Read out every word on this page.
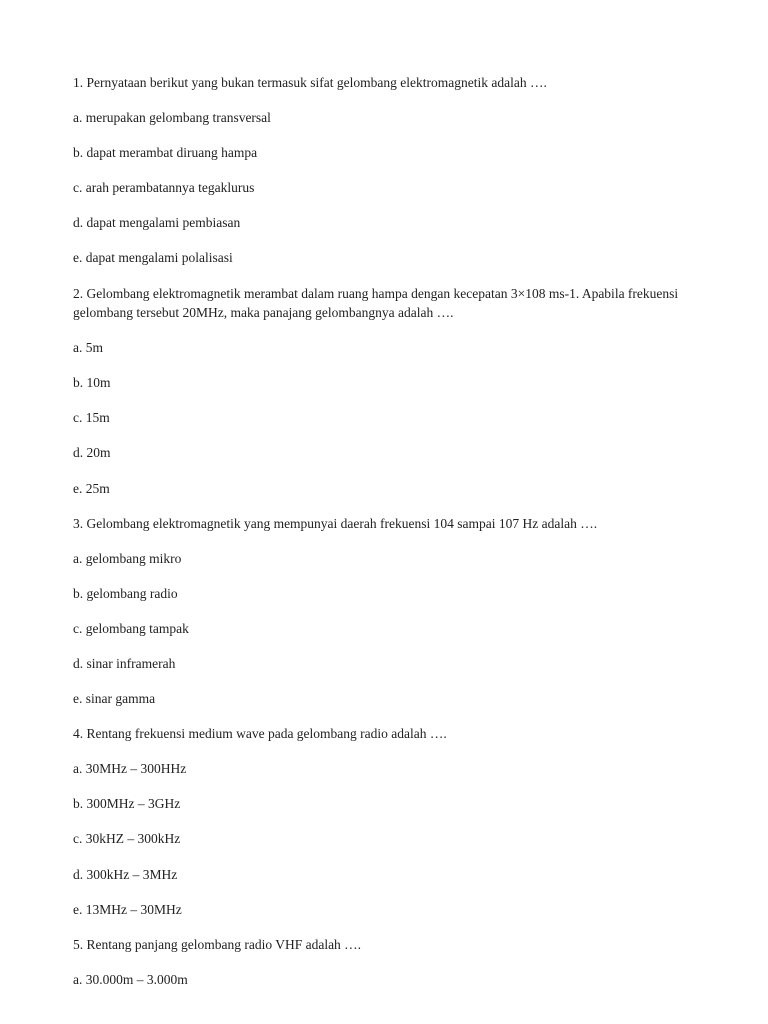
1. Pernyataan berikut yang bukan termasuk sifat gelombang elektromagnetik adalah ….

a. merupakan gelombang transversal

b. dapat merambat diruang hampa

c. arah perambatannya tegaklurus

d. dapat mengalami pembiasan

e. dapat mengalami polalisasi

2. Gelombang elektromagnetik merambat dalam ruang hampa dengan kecepatan 3×108 ms-1. Apabila frekuensi gelombang tersebut 20MHz, maka panajang gelombangnya adalah ….

a. 5m

b. 10m

c. 15m

d. 20m

e. 25m

3. Gelombang elektromagnetik yang mempunyai daerah frekuensi 104 sampai 107 Hz adalah ….

a. gelombang mikro

b. gelombang radio

c. gelombang tampak

d. sinar inframerah

e. sinar gamma

4. Rentang frekuensi medium wave pada gelombang radio adalah ….

a. 30MHz – 300HHz

b. 300MHz – 3GHz

c. 30kHZ – 300kHz

d. 300kHz – 3MHz

e. 13MHz – 30MHz

5. Rentang panjang gelombang radio VHF adalah ….

a. 30.000m – 3.000m
